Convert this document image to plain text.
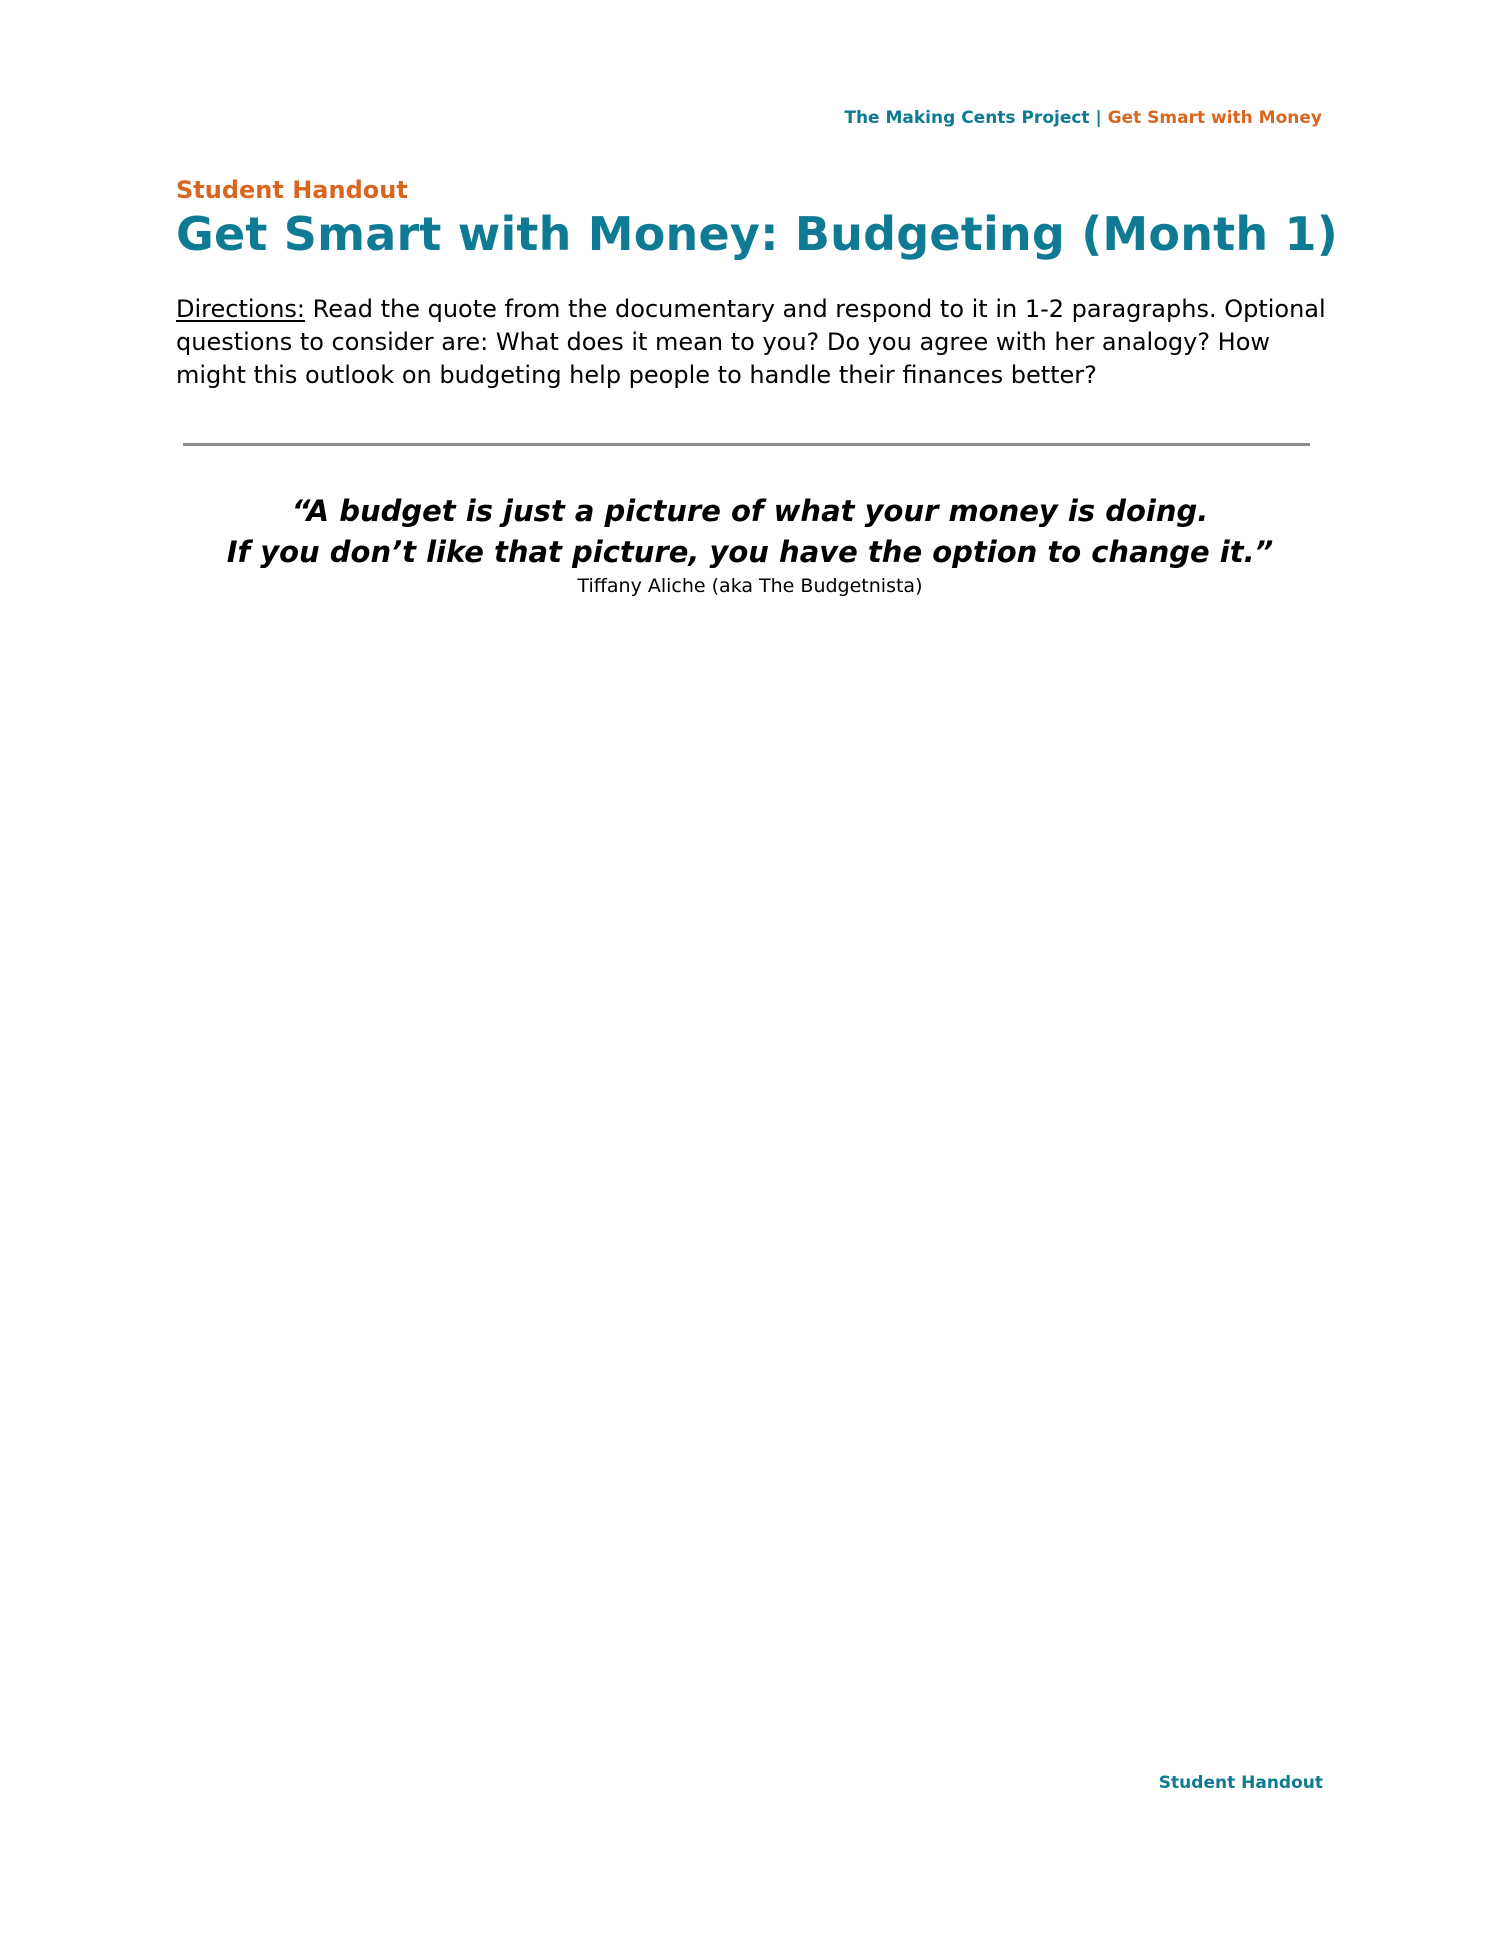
The Making Cents Project | Get Smart with Money
Student Handout
Get Smart with Money: Budgeting (Month 1)
Directions: Read the quote from the documentary and respond to it in 1-2 paragraphs. Optional questions to consider are: What does it mean to you? Do you agree with her analogy? How might this outlook on budgeting help people to handle their finances better?
“A budget is just a picture of what your money is doing.
If you don’t like that picture, you have the option to change it.”
Tiffany Aliche (aka The Budgetnista)
Student Handout
